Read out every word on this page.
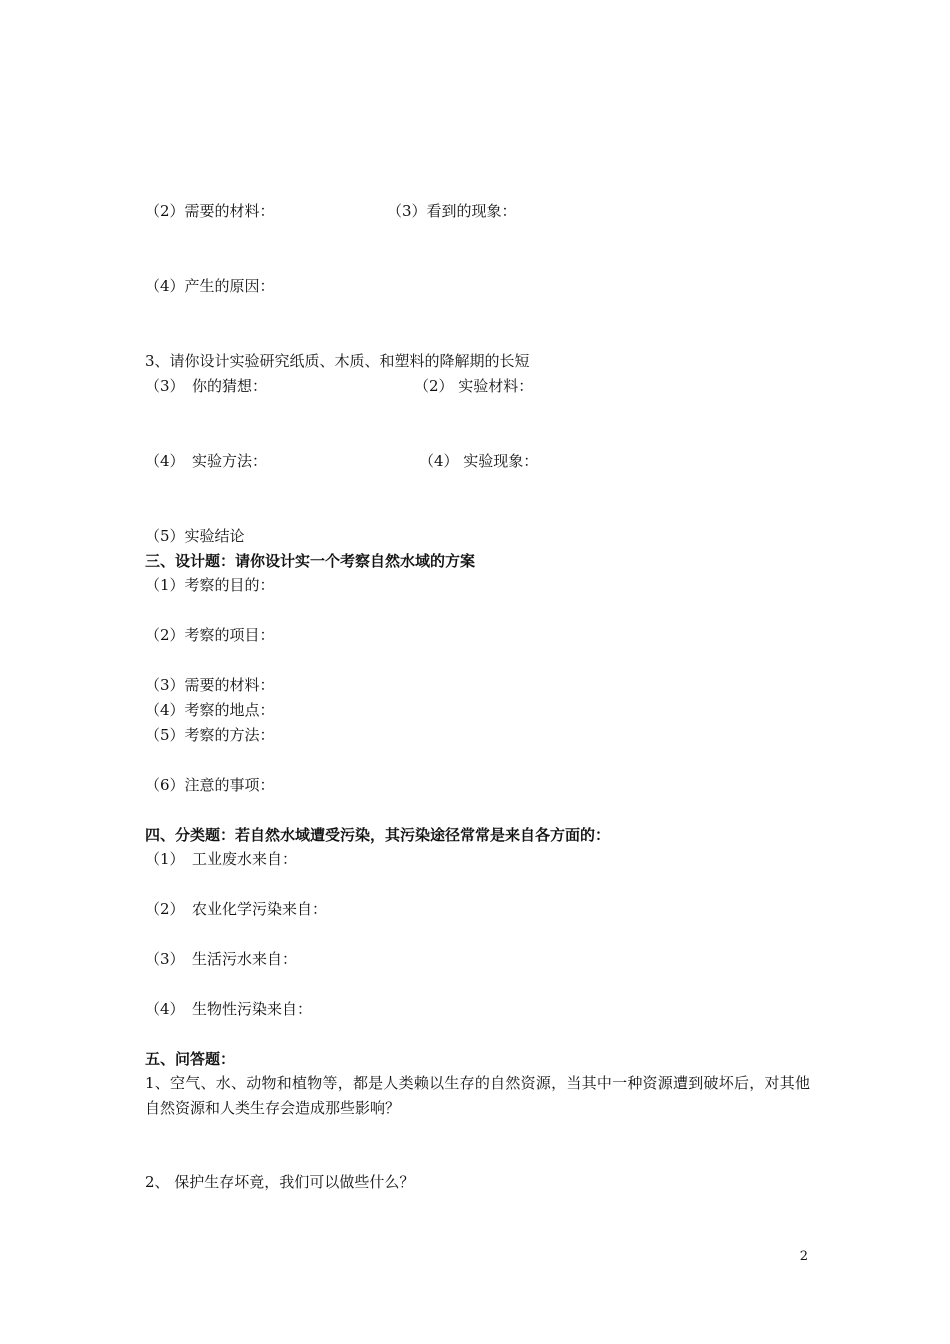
（2）需要的材料：	（3）看到的现象：

（4）产生的原因：

3、请你设计实验研究纸质、木质、和塑料的降解期的长短

（3）　你的猜想：	（2） 实验材料：

（4）　实验方法：	（4） 实验现象：

（5）实验结论

三、设计题：请你设计实一个考察自然水域的方案

（1）考察的目的：

（2）考察的项目：

（3）需要的材料：

（4）考察的地点：

（5）考察的方法：

（6）注意的事项：

四、分类题：若自然水域遭受污染，其污染途径常常是来自各方面的：

（1）　工业废水来自：

（2）　农业化学污染来自：

（3）　生活污水来自：

（4）　生物性污染来自：

五、问答题：

1、空气、水、动物和植物等，都是人类赖以生存的自然资源，当其中一种资源遭到破坏后，对其他自然资源和人类生存会造成那些影响？

2、 保护生存坏竟，我们可以做些什么？

2
